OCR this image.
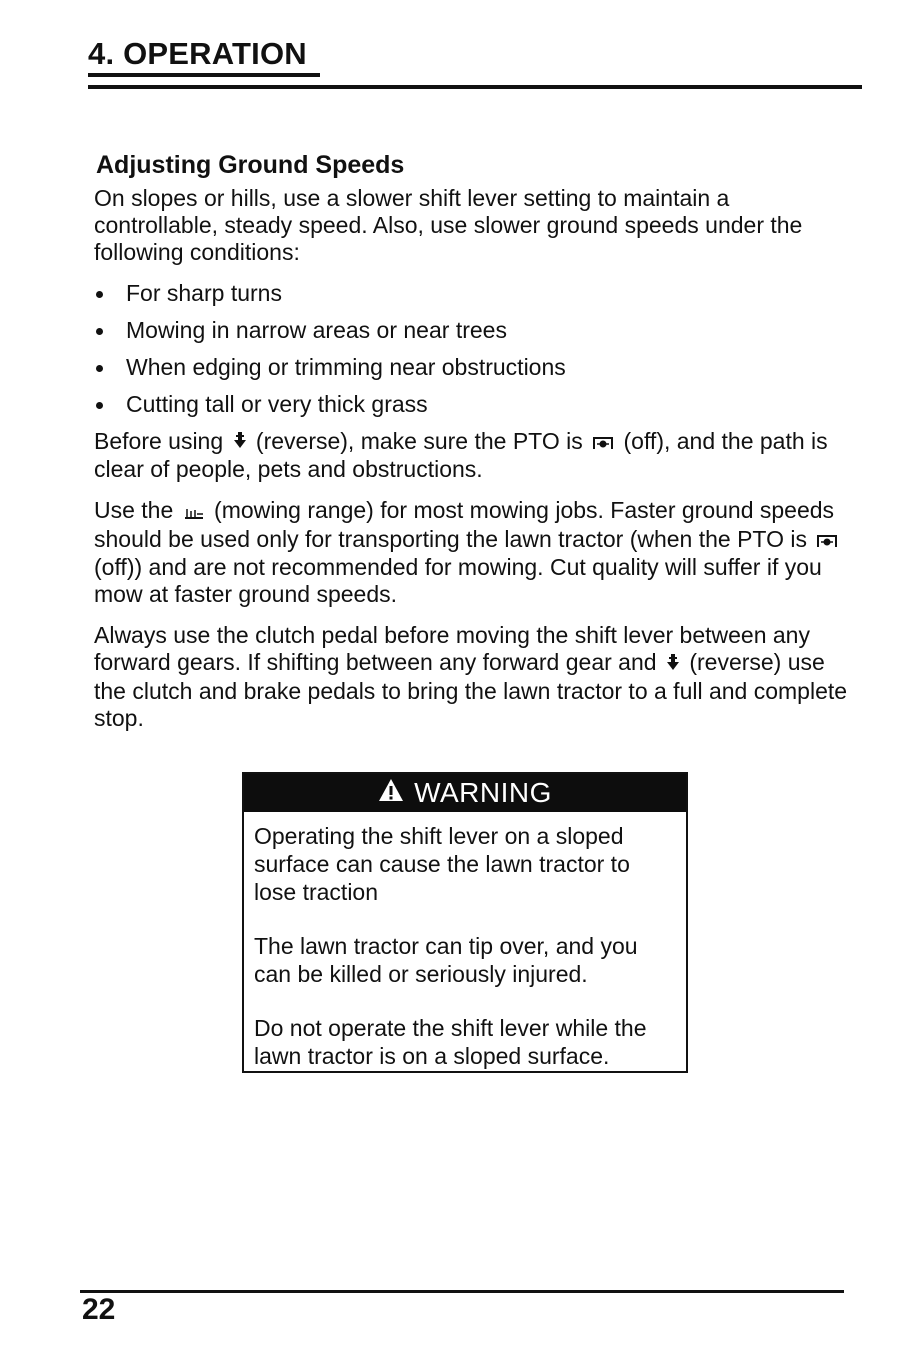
4. OPERATION
Adjusting Ground Speeds

On slopes or hills, use a slower shift lever setting to maintain a controllable, steady speed. Also, use slower ground speeds under the following conditions:

For sharp turns
Mowing in narrow areas or near trees
When edging or trimming near obstructions
Cutting tall or very thick grass

Before using (reverse), make sure the PTO is (off), and the path is clear of people, pets and obstructions.

Use the (mowing range) for most mowing jobs. Faster ground speeds should be used only for transporting the lawn tractor (when the PTO is  (off)) and are not recommended for mowing. Cut quality will suffer if you mow at faster ground speeds.

Always use the clutch pedal before moving the shift lever between any forward gears. If shifting between any forward gear and (reverse) use the clutch and brake pedals to bring the lawn tractor to a full and complete stop.

WARNING

Operating the shift lever on a sloped surface can cause the lawn tractor to lose traction

The lawn tractor can tip over, and you can be killed or seriously injured.

Do not operate the shift lever while the lawn tractor is on a sloped surface.

22
